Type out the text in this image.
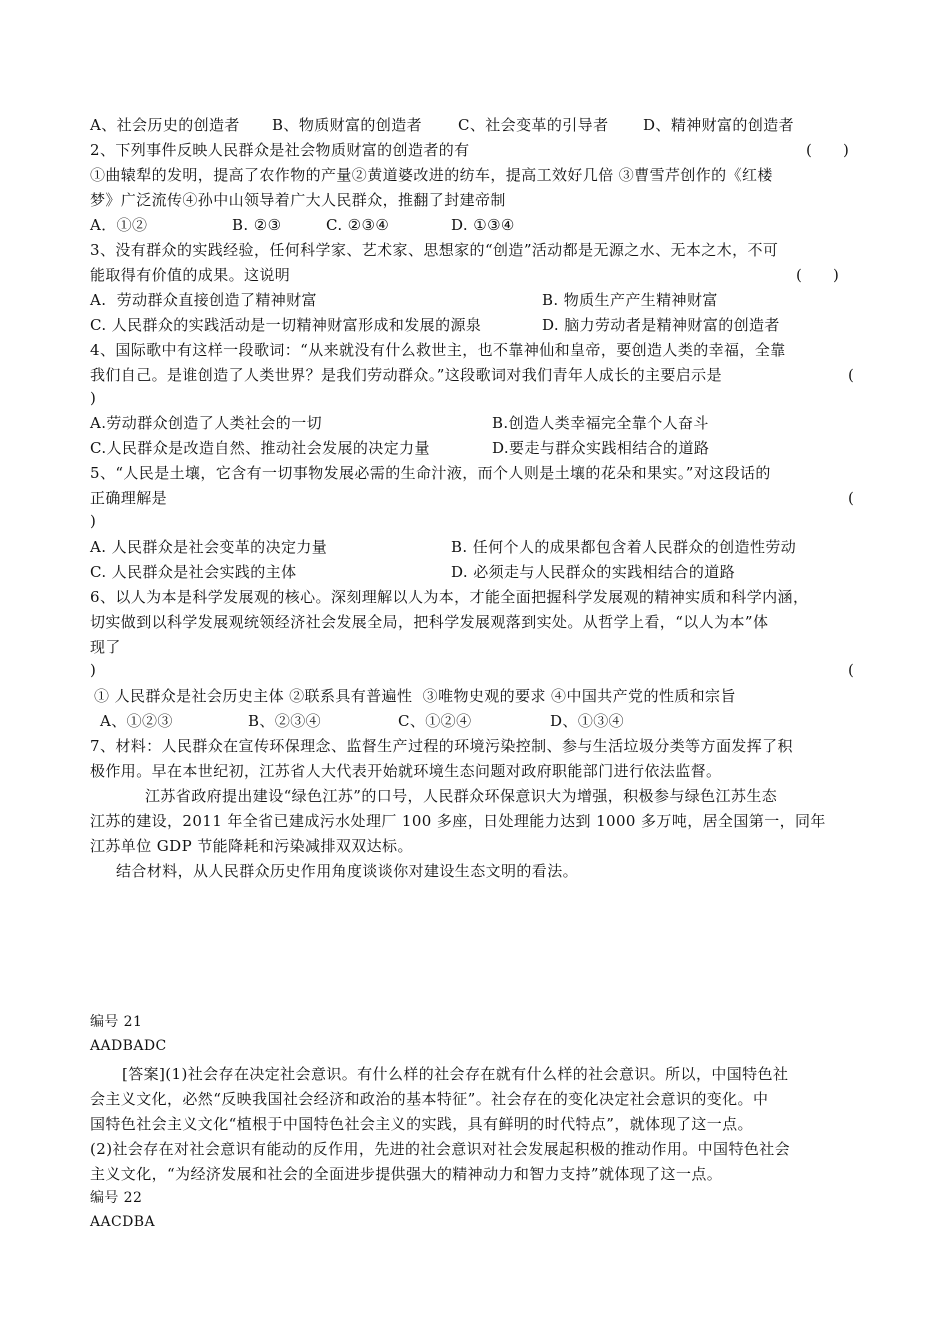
A、社会历史的创造者 B、物质财富的创造者 C、社会变革的引导者 D、精神财富的创造者
2、下列事件反映人民群众是社会物质财富的创造者的有	(　　)
①曲辕犁的发明，提高了农作物的产量②黄道婆改进的纺车，提高工效好几倍 ③曹雪芹创作的《红楼
梦》广泛流传④孙中山领导着广大人民群众，推翻了封建帝制
A．①②	B. ②③	C. ②③④	D. ①③④
3、没有群众的实践经验，任何科学家、艺术家、思想家的“创造”活动都是无源之水、无本之木，不可
能取得有价值的成果。这说明	(　　)
A.  劳动群众直接创造了精神财富	B. 物质生产产生精神财富
C. 人民群众的实践活动是一切精神财富形成和发展的源泉	D. 脑力劳动者是精神财富的创造者
4、国际歌中有这样一段歌词：“从来就没有什么救世主，也不靠神仙和皇帝，要创造人类的幸福，全靠
我们自己。是谁创造了人类世界？是我们劳动群众。”这段歌词对我们青年人成长的主要启示是	(
)
A.劳动群众创造了人类社会的一切	B.创造人类幸福完全靠个人奋斗
C.人民群众是改造自然、推动社会发展的决定力量	D.要走与群众实践相结合的道路
5、“人民是土壤，它含有一切事物发展必需的生命汁液，而个人则是土壤的花朵和果实。”对这段话的
正确理解是	(
)
A. 人民群众是社会变革的决定力量	B. 任何个人的成果都包含着人民群众的创造性劳动
C. 人民群众是社会实践的主体	D. 必须走与人民群众的实践相结合的道路
6、以人为本是科学发展观的核心。深刻理解以人为本，才能全面把握科学发展观的精神实质和科学内涵，
切实做到以科学发展观统领经济社会发展全局，把科学发展观落到实处。从哲学上看，“以人为本”体
现了
(
)
① 人民群众是社会历史主体 ②联系具有普遍性  ③唯物史观的要求 ④中国共产党的性质和宗旨
A、①②③	B、②③④	C、①②④	D、①③④
7、材料：人民群众在宣传环保理念、监督生产过程的环境污染控制、参与生活垃圾分类等方面发挥了积
极作用。早在本世纪初，江苏省人大代表开始就环境生态问题对政府职能部门进行依法监督。
江苏省政府提出建设“绿色江苏”的口号，人民群众环保意识大为增强，积极参与绿色江苏生态
江苏的建设，2011 年全省已建成污水处理厂 100 多座，日处理能力达到 1000 多万吨，居全国第一，同年
江苏单位 GDP 节能降耗和污染减排双双达标。
结合材料，从人民群众历史作用角度谈谈你对建设生态文明的看法。
编号 21
AADBADC
[答案](1)社会存在决定社会意识。有什么样的社会存在就有什么样的社会意识。所以，中国特色社
会主义文化，必然“反映我国社会经济和政治的基本特征”。社会存在的变化决定社会意识的变化。中
国特色社会主义文化“植根于中国特色社会主义的实践，具有鲜明的时代特点”，就体现了这一点。
(2)社会存在对社会意识有能动的反作用，先进的社会意识对社会发展起积极的推动作用。中国特色社会
主义文化，“为经济发展和社会的全面进步提供强大的精神动力和智力支持”就体现了这一点。
编号 22
AACDBA
